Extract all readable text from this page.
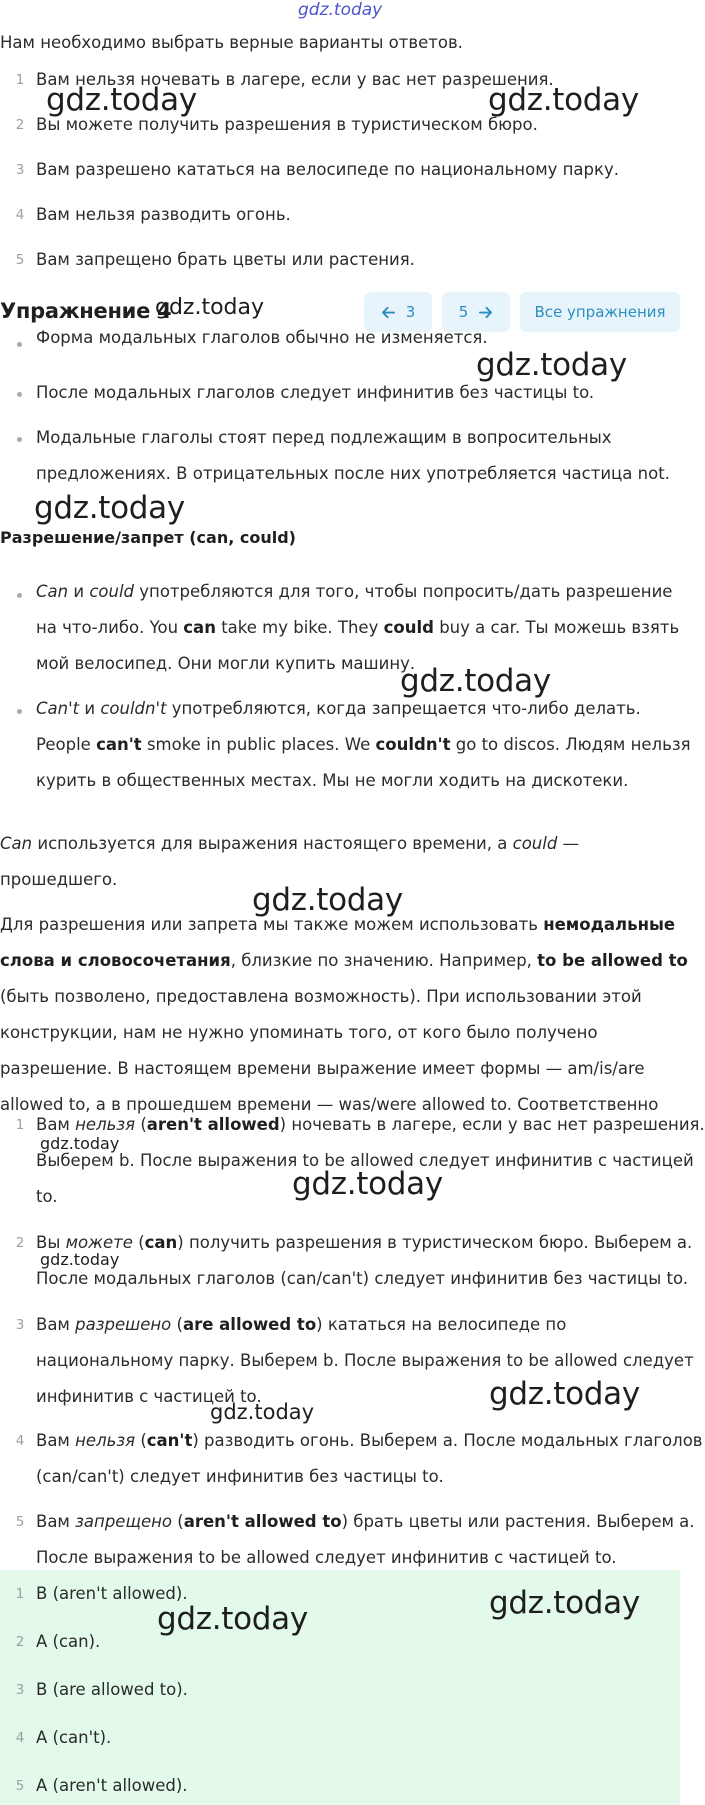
gdz.today
Нам необходимо выбрать верные варианты ответов.
1 Вам нельзя ночевать в лагере, если у вас нет разрешения.
2 Вы можете получить разрешения в туристическом бюро.
3 Вам разрешено кататься на велосипеде по национальному парку.
4 Вам нельзя разводить огонь.
5 Вам запрещено брать цветы или растения.
Упражнение 4	3	5	Все упражнения
Форма модальных глаголов обычно не изменяется.
После модальных глаголов следует инфинитив без частицы to.
Модальные глаголы стоят перед подлежащим в вопросительных
предложениях. В отрицательных после них употребляется частица not.
Разрешение/запрет (can, could)
Can и could употребляются для того, чтобы попросить/дать разрешение
на что-либо. You can take my bike. They could buy a car. Ты можешь взять
мой велосипед. Они могли купить машину.
Can't и couldn't употребляются, когда запрещается что-либо делать.
People can't smoke in public places. We couldn't go to discos. Людям нельзя
курить в общественных местах. Мы не могли ходить на дискотеки.
Can используется для выражения настоящего времени, а could —
прошедшего.
Для разрешения или запрета мы также можем использовать немодальные
слова и словосочетания, близкие по значению. Например, to be allowed to
(быть позволено, предоставлена возможность). При использовании этой
конструкции, нам не нужно упоминать того, от кого было получено
разрешение. В настоящем времени выражение имеет формы — am/is/are
allowed to, а в прошедшем времени — was/were allowed to. Соответственно
1 Вам нельзя (aren't allowed) ночевать в лагере, если у вас нет разрешения.
Выберем b. После выражения to be allowed следует инфинитив с частицей
to.
2 Вы можете (can) получить разрешения в туристическом бюро. Выберем a.
После модальных глаголов (can/can't) следует инфинитив без частицы to.
3 Вам разрешено (are allowed to) кататься на велосипеде по
национальному парку. Выберем b. После выражения to be allowed следует
инфинитив с частицей to.
4 Вам нельзя (can't) разводить огонь. Выберем a. После модальных глаголов
(can/can't) следует инфинитив без частицы to.
5 Вам запрещено (aren't allowed to) брать цветы или растения. Выберем a.
После выражения to be allowed следует инфинитив с частицей to.
1 B (aren't allowed).
2 A (can).
3 B (are allowed to).
4 A (can't).
5 A (aren't allowed).
gdz.today	gdz.today
gdz.today
gdz.today
gdz.today
gdz.today
gdz.today
gdz.today
gdz.today
gdz.today
gdz.today
gdz.today
gdz.today
gdz.today
